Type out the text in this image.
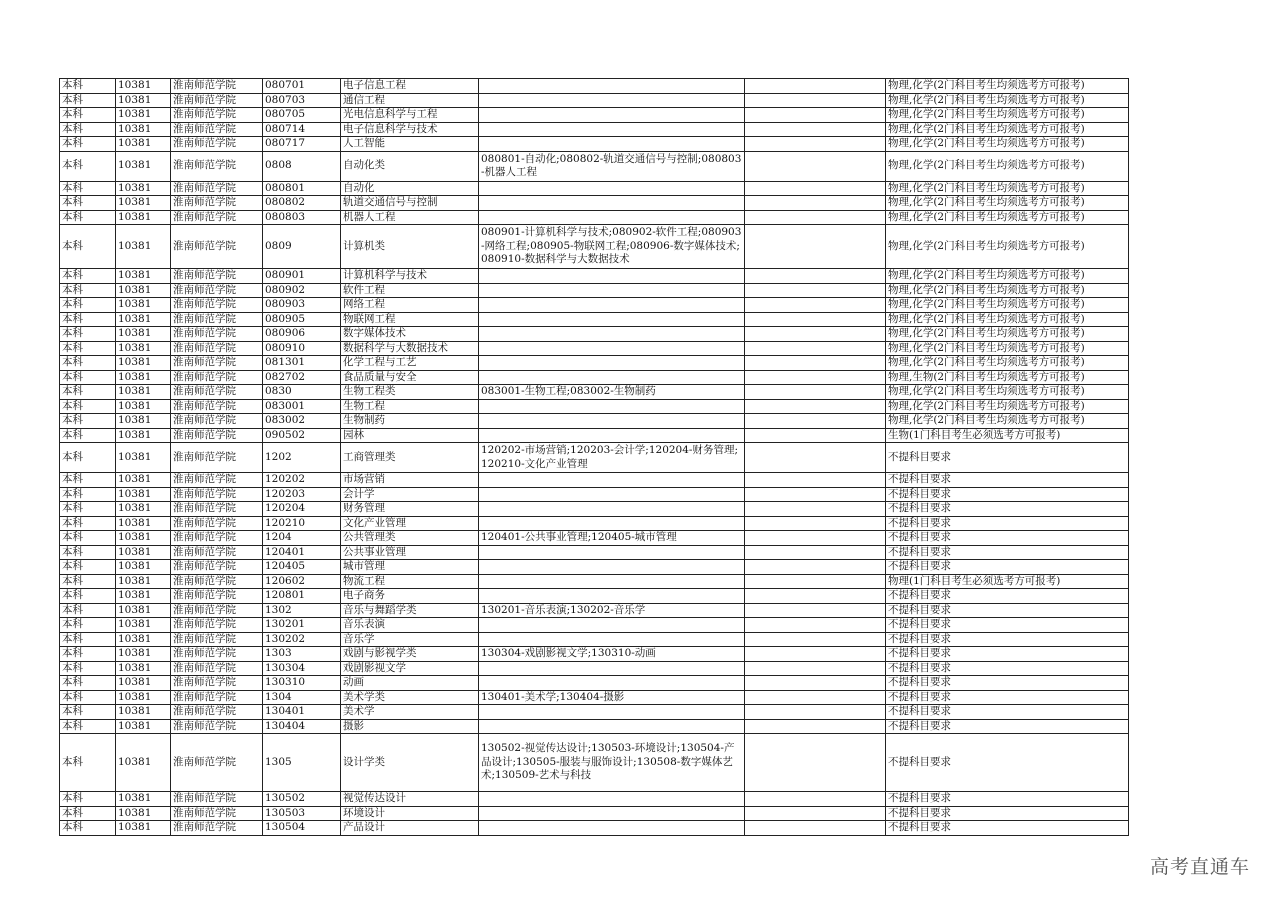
本科	10381	淮南师范学院	080701	电子信息工程			物理,化学(2门科目考生均须选考方可报考)
本科	10381	淮南师范学院	080703	通信工程			物理,化学(2门科目考生均须选考方可报考)
本科	10381	淮南师范学院	080705	光电信息科学与工程			物理,化学(2门科目考生均须选考方可报考)
本科	10381	淮南师范学院	080714	电子信息科学与技术			物理,化学(2门科目考生均须选考方可报考)
本科	10381	淮南师范学院	080717	人工智能			物理,化学(2门科目考生均须选考方可报考)
本科	10381	淮南师范学院	0808	自动化类	080801-自动化;080802-轨道交通信号与控制;080803-机器人工程		物理,化学(2门科目考生均须选考方可报考)
本科	10381	淮南师范学院	080801	自动化			物理,化学(2门科目考生均须选考方可报考)
本科	10381	淮南师范学院	080802	轨道交通信号与控制			物理,化学(2门科目考生均须选考方可报考)
本科	10381	淮南师范学院	080803	机器人工程			物理,化学(2门科目考生均须选考方可报考)
本科	10381	淮南师范学院	0809	计算机类	080901-计算机科学与技术;080902-软件工程;080903-网络工程;080905-物联网工程;080906-数字媒体技术;080910-数据科学与大数据技术		物理,化学(2门科目考生均须选考方可报考)
本科	10381	淮南师范学院	080901	计算机科学与技术			物理,化学(2门科目考生均须选考方可报考)
本科	10381	淮南师范学院	080902	软件工程			物理,化学(2门科目考生均须选考方可报考)
本科	10381	淮南师范学院	080903	网络工程			物理,化学(2门科目考生均须选考方可报考)
本科	10381	淮南师范学院	080905	物联网工程			物理,化学(2门科目考生均须选考方可报考)
本科	10381	淮南师范学院	080906	数字媒体技术			物理,化学(2门科目考生均须选考方可报考)
本科	10381	淮南师范学院	080910	数据科学与大数据技术			物理,化学(2门科目考生均须选考方可报考)
本科	10381	淮南师范学院	081301	化学工程与工艺			物理,化学(2门科目考生均须选考方可报考)
本科	10381	淮南师范学院	082702	食品质量与安全			物理,生物(2门科目考生均须选考方可报考)
本科	10381	淮南师范学院	0830	生物工程类	083001-生物工程;083002-生物制药		物理,化学(2门科目考生均须选考方可报考)
本科	10381	淮南师范学院	083001	生物工程			物理,化学(2门科目考生均须选考方可报考)
本科	10381	淮南师范学院	083002	生物制药			物理,化学(2门科目考生均须选考方可报考)
本科	10381	淮南师范学院	090502	园林			生物(1门科目考生必须选考方可报考)
本科	10381	淮南师范学院	1202	工商管理类	120202-市场营销;120203-会计学;120204-财务管理;120210-文化产业管理		不提科目要求
本科	10381	淮南师范学院	120202	市场营销			不提科目要求
本科	10381	淮南师范学院	120203	会计学			不提科目要求
本科	10381	淮南师范学院	120204	财务管理			不提科目要求
本科	10381	淮南师范学院	120210	文化产业管理			不提科目要求
本科	10381	淮南师范学院	1204	公共管理类	120401-公共事业管理;120405-城市管理		不提科目要求
本科	10381	淮南师范学院	120401	公共事业管理			不提科目要求
本科	10381	淮南师范学院	120405	城市管理			不提科目要求
本科	10381	淮南师范学院	120602	物流工程			物理(1门科目考生必须选考方可报考)
本科	10381	淮南师范学院	120801	电子商务			不提科目要求
本科	10381	淮南师范学院	1302	音乐与舞蹈学类	130201-音乐表演;130202-音乐学		不提科目要求
本科	10381	淮南师范学院	130201	音乐表演			不提科目要求
本科	10381	淮南师范学院	130202	音乐学			不提科目要求
本科	10381	淮南师范学院	1303	戏剧与影视学类	130304-戏剧影视文学;130310-动画		不提科目要求
本科	10381	淮南师范学院	130304	戏剧影视文学			不提科目要求
本科	10381	淮南师范学院	130310	动画			不提科目要求
本科	10381	淮南师范学院	1304	美术学类	130401-美术学;130404-摄影		不提科目要求
本科	10381	淮南师范学院	130401	美术学			不提科目要求
本科	10381	淮南师范学院	130404	摄影			不提科目要求
本科	10381	淮南师范学院	1305	设计学类	130502-视觉传达设计;130503-环境设计;130504-产品设计;130505-服装与服饰设计;130508-数字媒体艺术;130509-艺术与科技		不提科目要求
本科	10381	淮南师范学院	130502	视觉传达设计			不提科目要求
本科	10381	淮南师范学院	130503	环境设计			不提科目要求
本科	10381	淮南师范学院	130504	产品设计			不提科目要求
高考直通车
